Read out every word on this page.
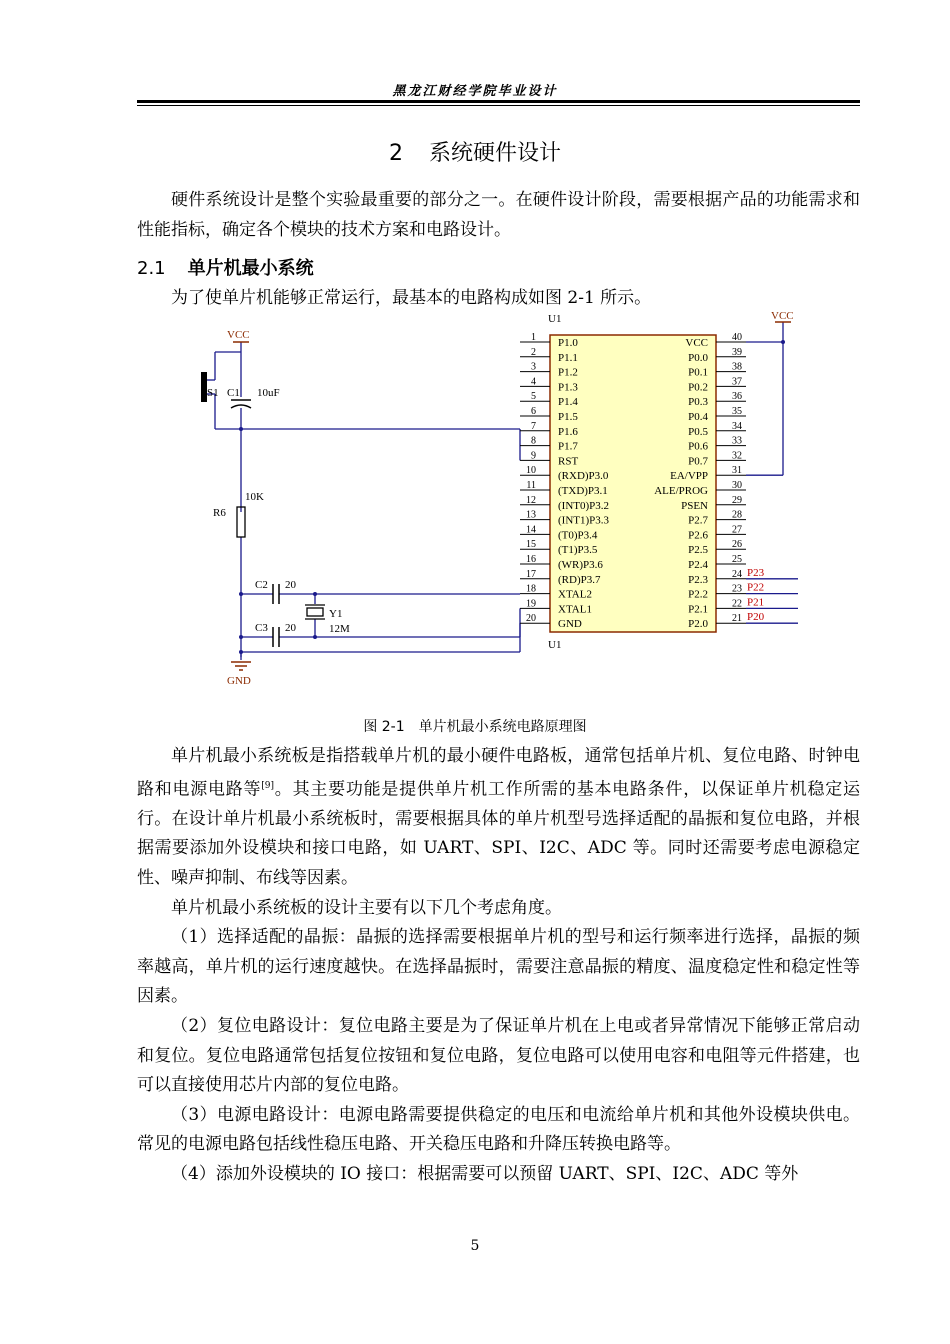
黑龙江财经学院毕业设计
2 系统硬件设计

硬件系统设计是整个实验最重要的部分之一。在硬件设计阶段，需要根据产品的功能需求和性能指标，确定各个模块的技术方案和电路设计。

2.1 单片机最小系统

为了使单片机能够正常运行，最基本的电路构成如图 2-1 所示。

1 P1.0
2 P1.1
3 P1.2
4 P1.3
5 P1.4
6 P1.5
7 P1.6
8 P1.7
9 RST
10 (RXD)P3.0
11 (TXD)P3.1
12 (INT0)P3.2
13 (INT1)P3.3
14 (T0)P3.4
15 (T1)P3.5
16 (WR)P3.6
17 (RD)P3.7
18 XTAL2
19 XTAL1
20 GND
40
VCC
39
P0.0
38
P0.1
37
P0.2
36
P0.3
35
P0.4
34
P0.5
33
P0.6
32
P0.7
31
EA/VPP
30
ALE/PROG
29
PSEN
28
P2.7
27
P2.6
26
P2.5
25
P2.4
24
P2.3
23
P2.2
22
P2.1
21
P2.0
VCC
P23
P22
P21
P20
VCC
S1 C1 10uF
10K
R6
C2 20
C3 20
Y1
12M
GND
U1
U1
图 2-1 单片机最小系统电路原理图

单片机最小系统板是指搭载单片机的最小硬件电路板，通常包括单片机、复位电路、时钟电路和电源电路等[9]。其主要功能是提供单片机工作所需的基本电路条件，以保证单片机稳定运行。在设计单片机最小系统板时，需要根据具体的单片机型号选择适配的晶振和复位电路，并根据需要添加外设模块和接口电路，如 UART、SPI、I2C、ADC 等。同时还需要考虑电源稳定性、噪声抑制、布线等因素。

单片机最小系统板的设计主要有以下几个考虑角度。

（1）选择适配的晶振：晶振的选择需要根据单片机的型号和运行频率进行选择，晶振的频率越高，单片机的运行速度越快。在选择晶振时，需要注意晶振的精度、温度稳定性和稳定性等因素。

（2）复位电路设计：复位电路主要是为了保证单片机在上电或者异常情况下能够正常启动和复位。复位电路通常包括复位按钮和复位电路，复位电路可以使用电容和电阻等元件搭建，也可以直接使用芯片内部的复位电路。

（3）电源电路设计：电源电路需要提供稳定的电压和电流给单片机和其他外设模块供电。常见的电源电路包括线性稳压电路、开关稳压电路和升降压转换电路等。

（4）添加外设模块的 IO 接口：根据需要可以预留 UART、SPI、I2C、ADC 等外

5
